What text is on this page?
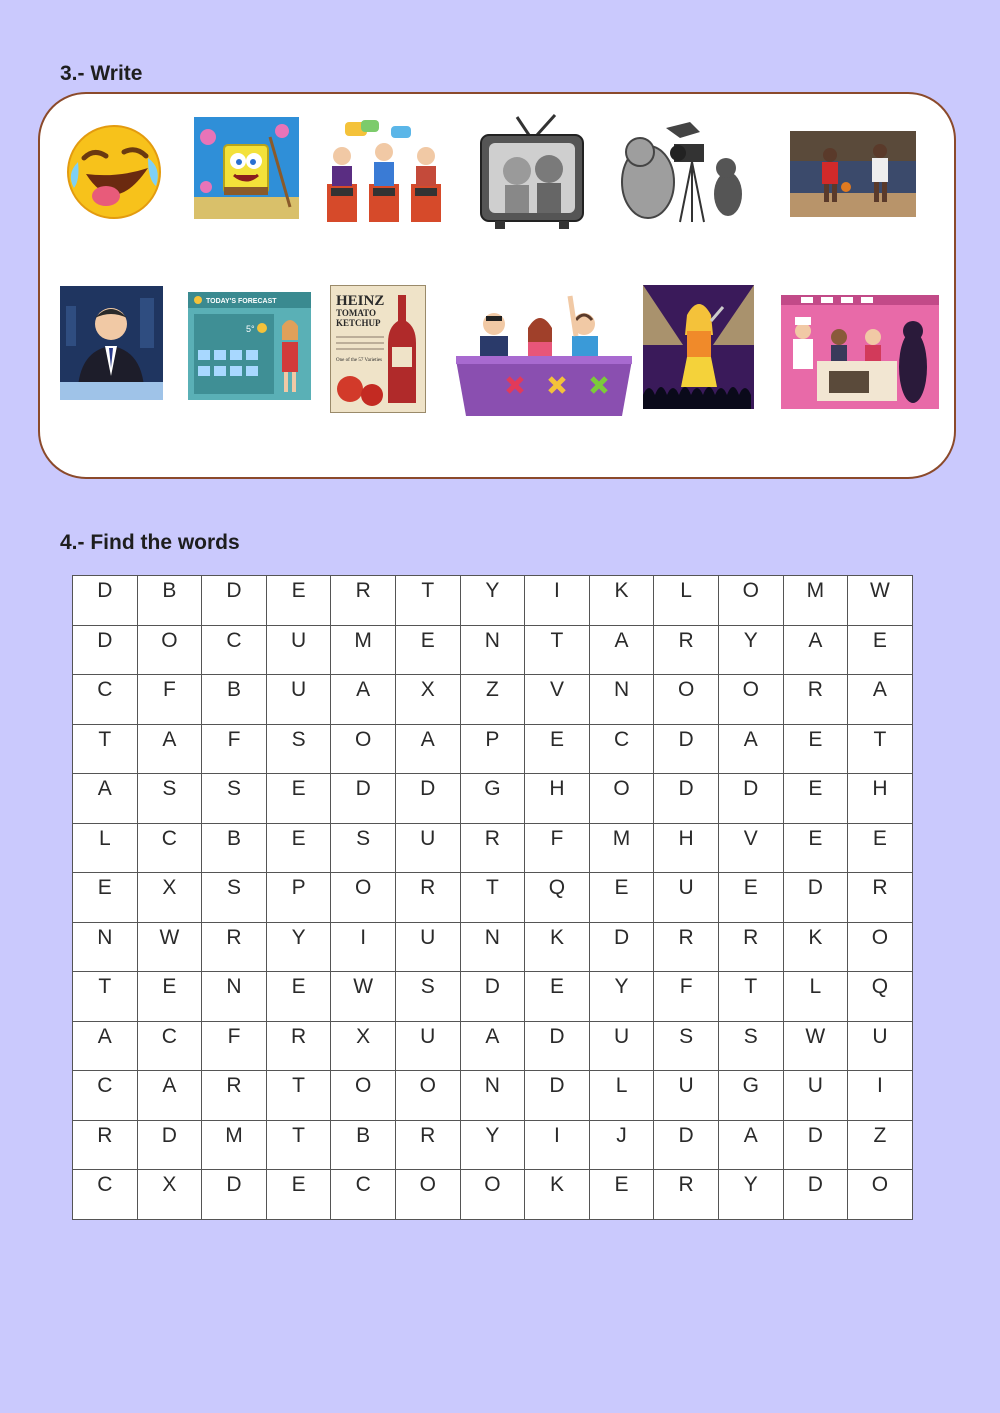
3.- Write
TODAY'S FORECAST
5°
HEINZ
TOMATO
KETCHUP
One of the 57 Varieties
4.- Find the words
D	B	D	E	R	T	Y	I	K	L	O	M	W
D	O	C	U	M	E	N	T	A	R	Y	A	E
C	F	B	U	A	X	Z	V	N	O	O	R	A
T	A	F	S	O	A	P	E	C	D	A	E	T
A	S	S	E	D	D	G	H	O	D	D	E	H
L	C	B	E	S	U	R	F	M	H	V	E	E
E	X	S	P	O	R	T	Q	E	U	E	D	R
N	W	R	Y	I	U	N	K	D	R	R	K	O
T	E	N	E	W	S	D	E	Y	F	T	L	Q
A	C	F	R	X	U	A	D	U	S	S	W	U
C	A	R	T	O	O	N	D	L	U	G	U	I
R	D	M	T	B	R	Y	I	J	D	A	D	Z
C	X	D	E	C	O	O	K	E	R	Y	D	O
